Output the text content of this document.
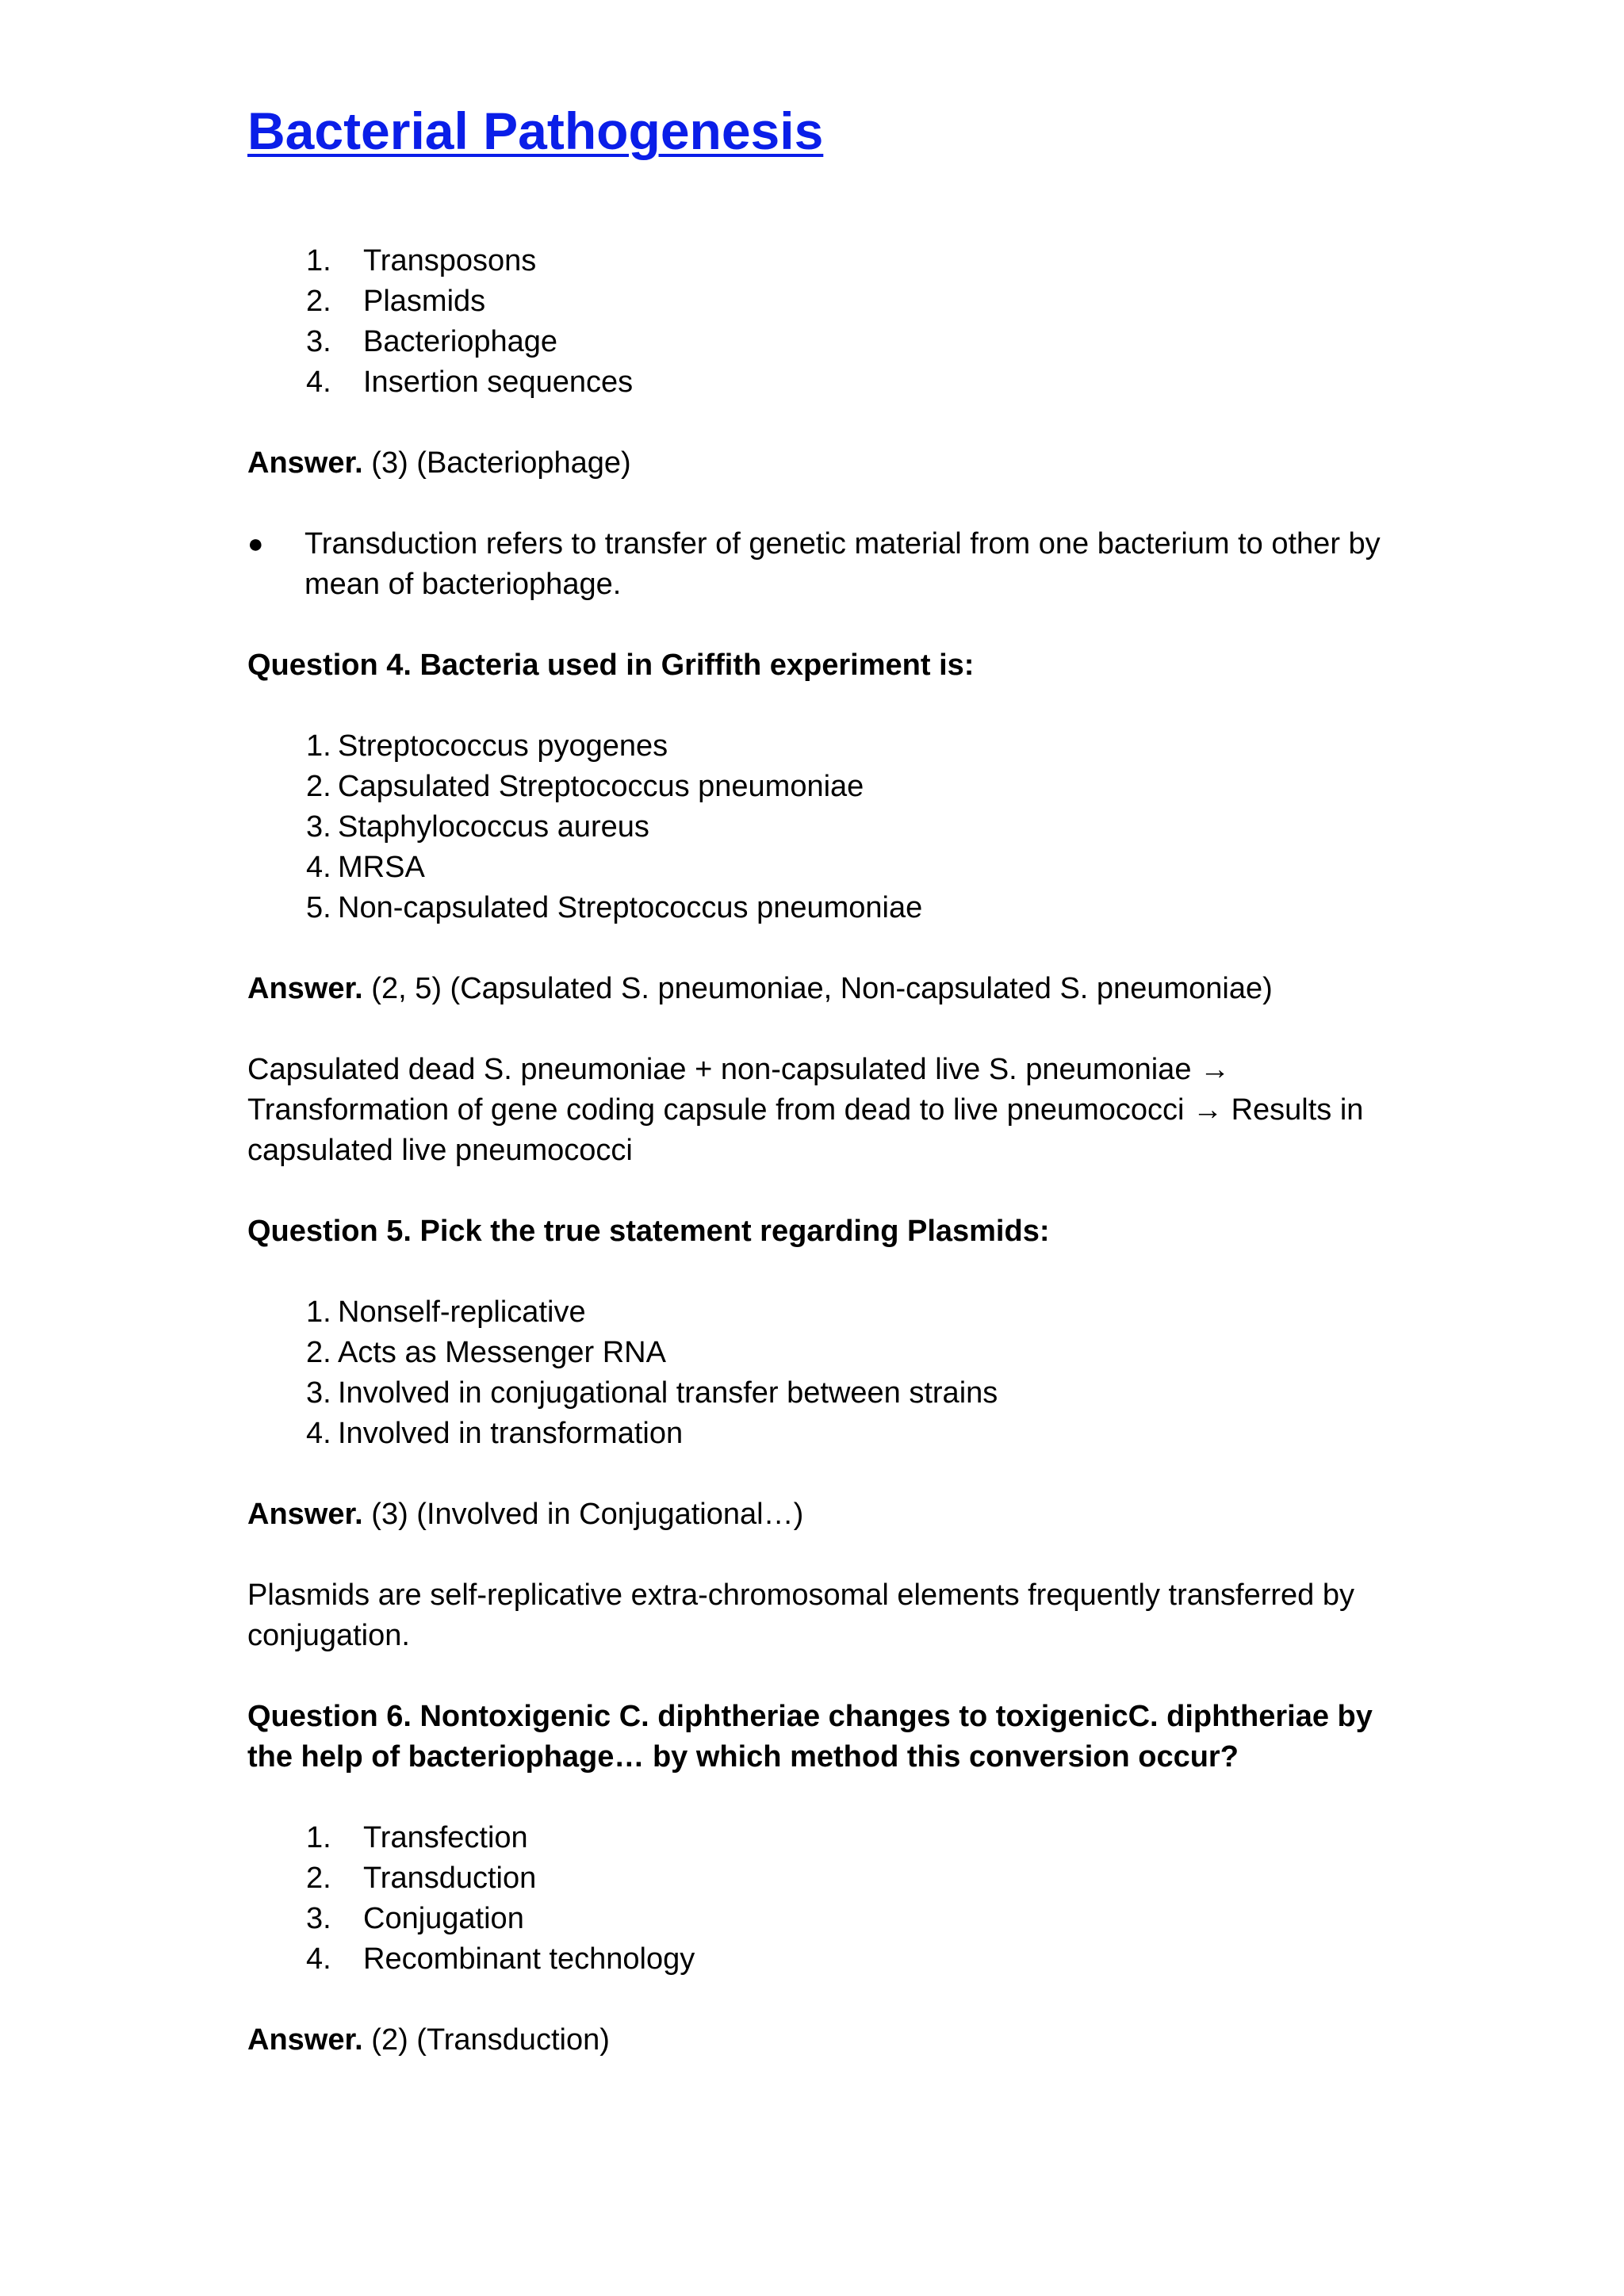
Bacterial Pathogenesis
1.	Transposons
2.	Plasmids
3.	Bacteriophage
4.	Insertion sequences

Answer. (3) (Bacteriophage)

●	Transduction refers to transfer of genetic material from one bacterium to other by mean of bacteriophage.

Question 4. Bacteria used in Griffith experiment is:

1. Streptococcus pyogenes
2. Capsulated Streptococcus pneumoniae
3. Staphylococcus aureus
4. MRSA
5. Non-capsulated Streptococcus pneumoniae

Answer. (2, 5) (Capsulated S. pneumoniae, Non-capsulated S. pneumoniae)

Capsulated dead S. pneumoniae + non-capsulated live S. pneumoniae → Transformation of gene coding capsule from dead to live pneumococci → Results in capsulated live pneumococci

Question 5. Pick the true statement regarding Plasmids:

1. Nonself-replicative
2. Acts as Messenger RNA
3. Involved in conjugational transfer between strains
4. Involved in transformation

Answer. (3) (Involved in Conjugational…)

Plasmids are self-replicative extra-chromosomal elements frequently transferred by conjugation.

Question 6. Nontoxigenic C. diphtheriae changes to toxigenicC. diphtheriae by the help of bacteriophage… by which method this conversion occur?

1.	Transfection
2.	Transduction
3.	Conjugation
4.	Recombinant technology

Answer. (2) (Transduction)
